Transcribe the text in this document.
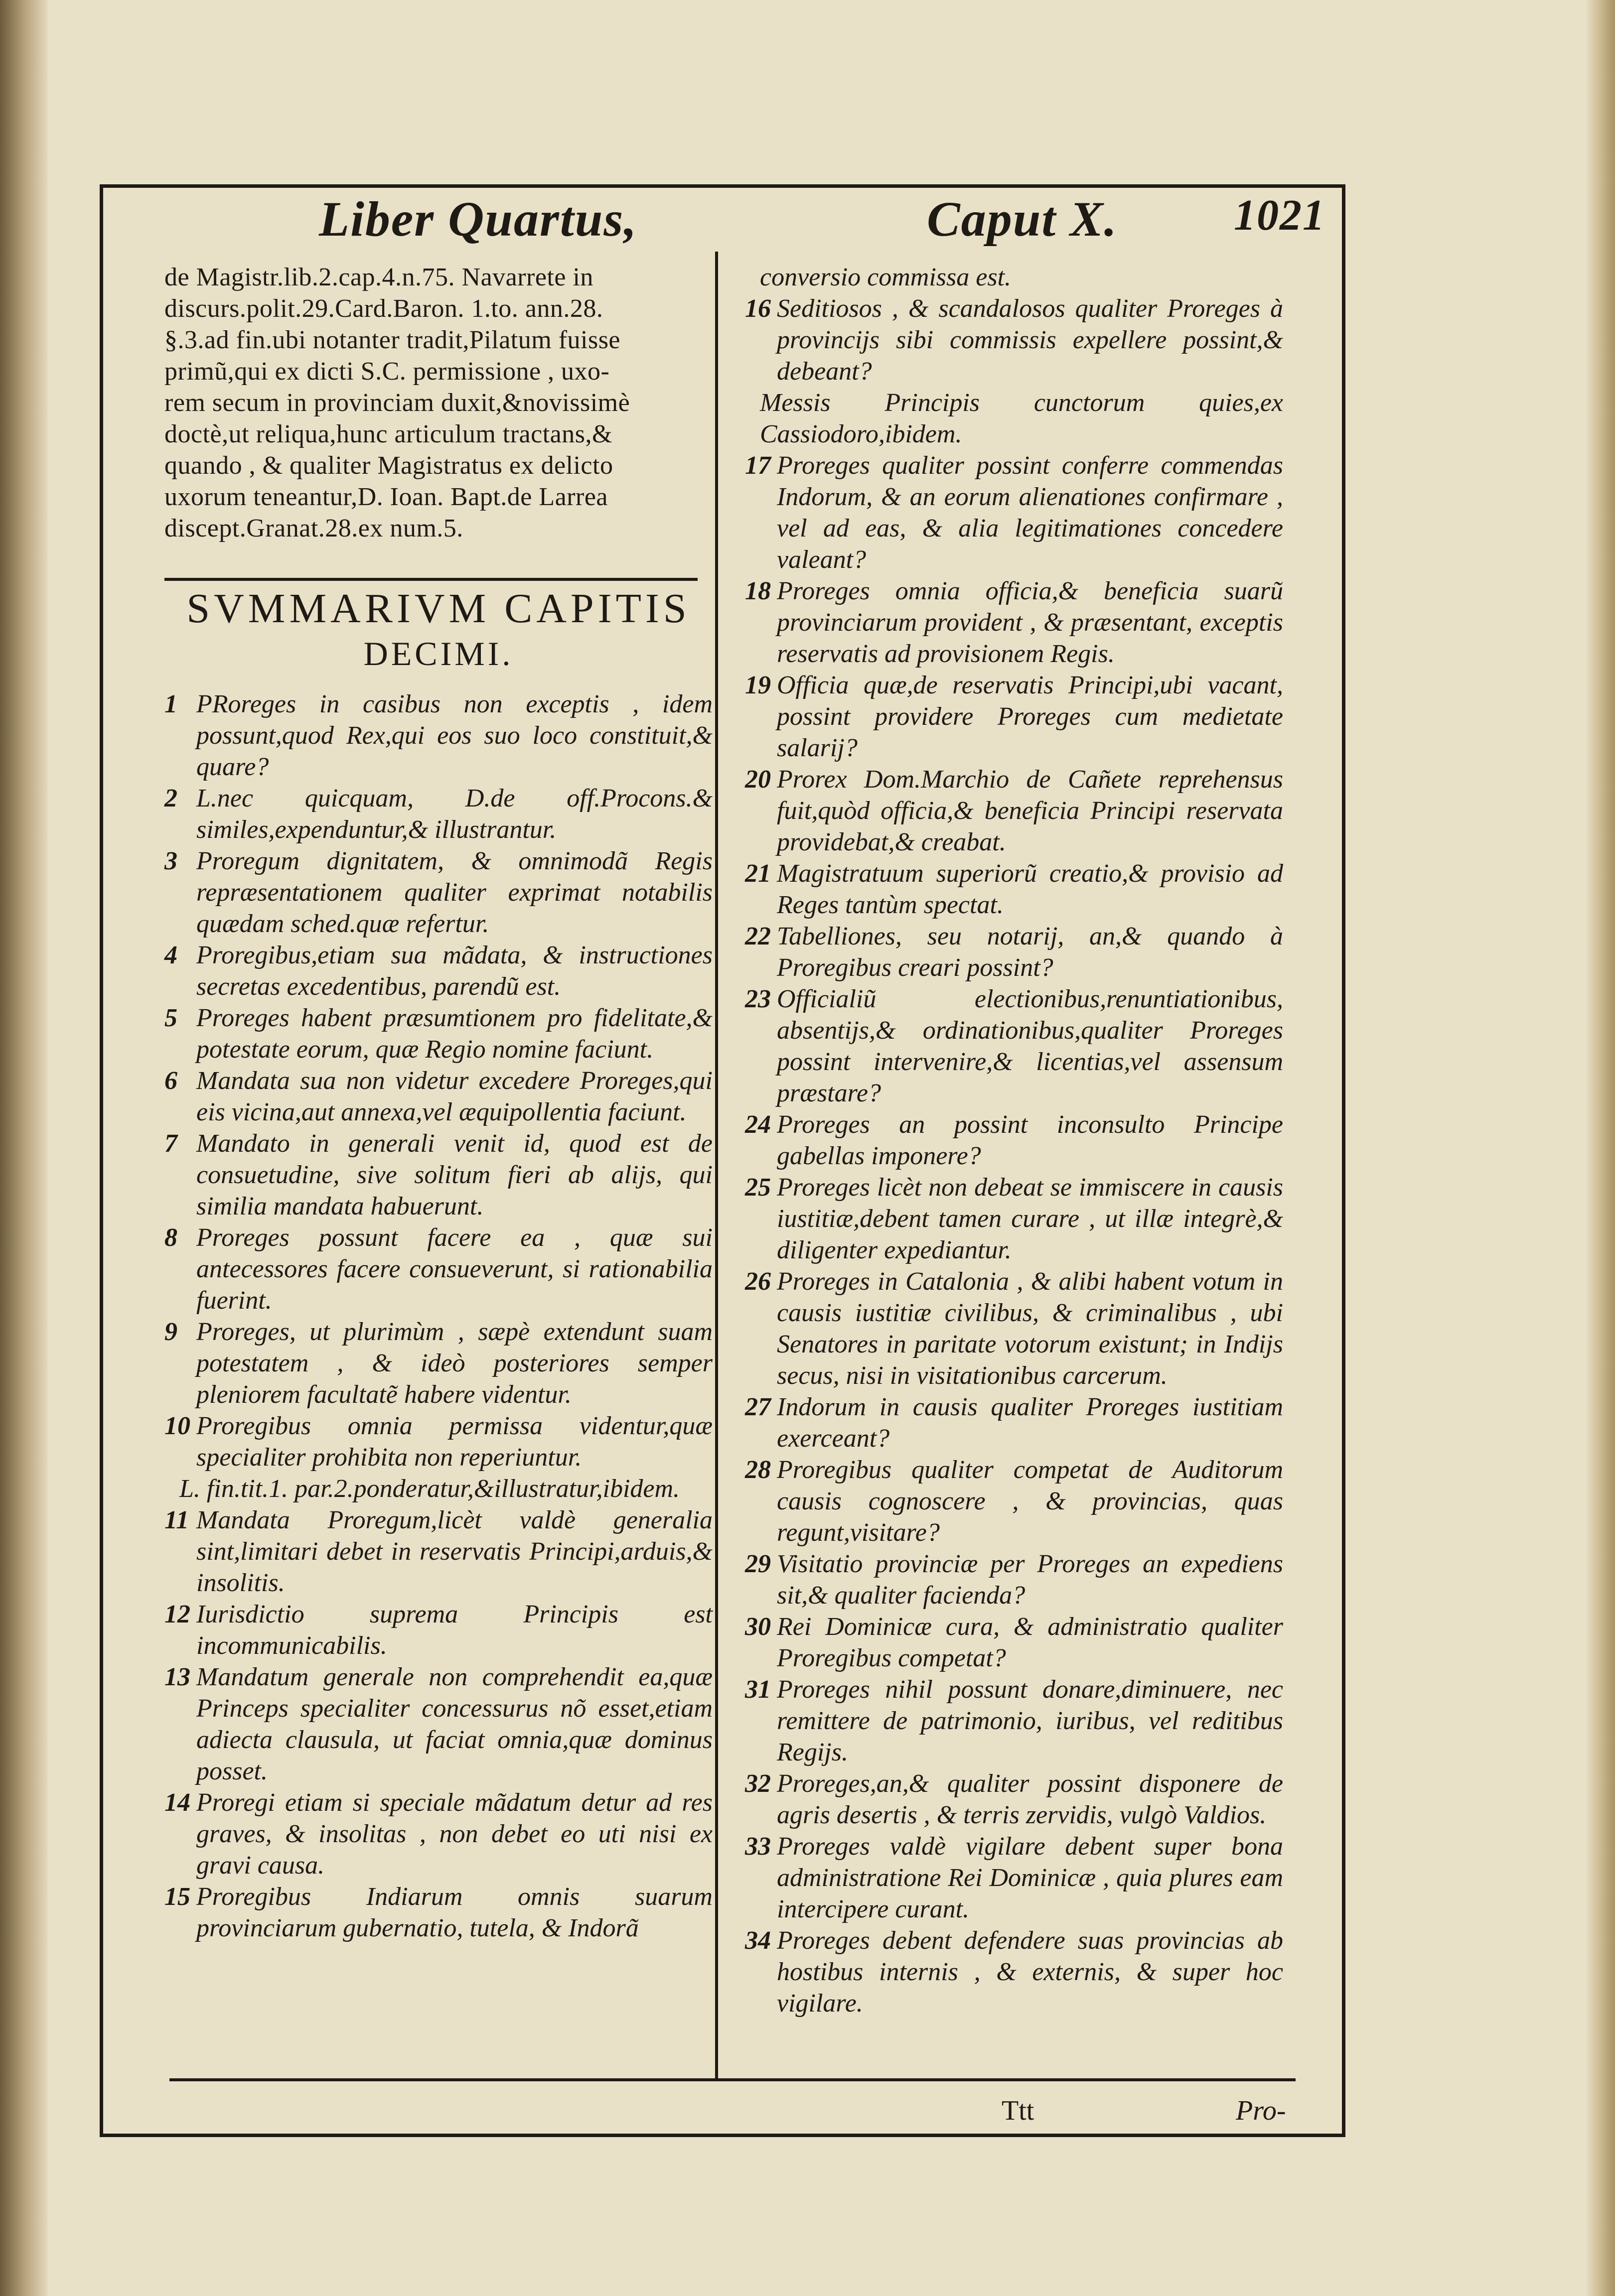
Liber Quartus,	Caput X.	1021
de Magistr.lib.2.cap.4.n.75. Navarrete in
discurs.polit.29.Card.Baron. 1.to. ann.28.
§.3.ad fin.ubi notanter tradit,Pilatum fuisse
primũ,qui ex dicti S.C. permissione , uxo-
rem secum in provinciam duxit,&novissimè
doctè,ut reliqua,hunc articulum tractans,&
quando , & qualiter Magistratus ex delicto
uxorum teneantur,D. Ioan. Bapt.de Larrea
discept.Granat.28.ex num.5.
SVMMARIVM CAPITIS
DECIMI.

1 PRoreges in casibus non exceptis , idem possunt,quod Rex,qui eos suo loco constituit,& quare?

2 L.nec quicquam, D.de off.Procons.& similes,expenduntur,& illustrantur.

3 Proregum dignitatem, & omnimodã Regis repræsentationem qualiter exprimat notabilis quædam sched.quæ refertur.

4 Proregibus,etiam sua mãdata, & instructiones secretas excedentibus, parendũ est.

5 Proreges habent præsumtionem pro fidelitate,& potestate eorum, quæ Regio nomine faciunt.

6 Mandata sua non videtur excedere Proreges,qui eis vicina,aut annexa,vel æquipollentia faciunt.

7 Mandato in generali venit id, quod est de consuetudine, sive solitum fieri ab alijs, qui similia mandata habuerunt.

8 Proreges possunt facere ea , quæ sui antecessores facere consueverunt, si rationabilia fuerint.

9 Proreges, ut plurimùm , sæpè extendunt suam potestatem , & ideò posteriores semper pleniorem facultatẽ habere videntur.

10 Proregibus omnia permissa videntur,quæ specialiter prohibita non reperiuntur.

L. fin.tit.1. par.2.ponderatur,&illustratur,ibidem.

11 Mandata Proregum,licèt valdè generalia sint,limitari debet in reservatis Principi,arduis,& insolitis.

12 Iurisdictio suprema Principis est incommunicabilis.

13 Mandatum generale non comprehendit ea,quæ Princeps specialiter concessurus nõ esset,etiam adiecta clausula, ut faciat omnia,quæ dominus posset.

14 Proregi etiam si speciale mãdatum detur ad res graves, & insolitas , non debet eo uti nisi ex gravi causa.

15 Proregibus Indiarum omnis suarum provinciarum gubernatio, tutela, & Indorã

conversio commissa est.

16 Seditiosos , & scandalosos qualiter Proreges à provincijs sibi commissis expellere possint,& debeant?

Messis Principis cunctorum quies,ex Cassiodoro,ibidem.

17 Proreges qualiter possint conferre commendas Indorum, & an eorum alienationes confirmare , vel ad eas, & alia legitimationes concedere valeant?

18 Proreges omnia officia,& beneficia suarũ provinciarum provident , & præsentant, exceptis reservatis ad provisionem Regis.

19 Officia quæ,de reservatis Principi,ubi vacant, possint providere Proreges cum medietate salarij?

20 Prorex Dom.Marchio de Cañete reprehensus fuit,quòd officia,& beneficia Principi reservata providebat,& creabat.

21 Magistratuum superiorũ creatio,& provisio ad Reges tantùm spectat.

22 Tabelliones, seu notarij, an,& quando à Proregibus creari possint?

23 Officialiũ electionibus,renuntiationibus, absentijs,& ordinationibus,qualiter Proreges possint intervenire,& licentias,vel assensum præstare?

24 Proreges an possint inconsulto Principe gabellas imponere?

25 Proreges licèt non debeat se immiscere in causis iustitiæ,debent tamen curare , ut illæ integrè,& diligenter expediantur.

26 Proreges in Catalonia , & alibi habent votum in causis iustitiæ civilibus, & criminalibus , ubi Senatores in paritate votorum existunt; in Indijs secus, nisi in visitationibus carcerum.

27 Indorum in causis qualiter Proreges iustitiam exerceant?

28 Proregibus qualiter competat de Auditorum causis cognoscere , & provincias, quas regunt,visitare?

29 Visitatio provinciæ per Proreges an expediens sit,& qualiter facienda?

30 Rei Dominicæ cura, & administratio qualiter Proregibus competat?

31 Proreges nihil possunt donare,diminuere, nec remittere de patrimonio, iuribus, vel reditibus Regijs.

32 Proreges,an,& qualiter possint disponere de agris desertis , & terris zervidis, vulgò Valdios.

33 Proreges valdè vigilare debent super bona administratione Rei Dominicæ , quia plures eam intercipere curant.

34 Proreges debent defendere suas provincias ab hostibus internis , & externis, & super hoc vigilare.

Ttt	Pro-
